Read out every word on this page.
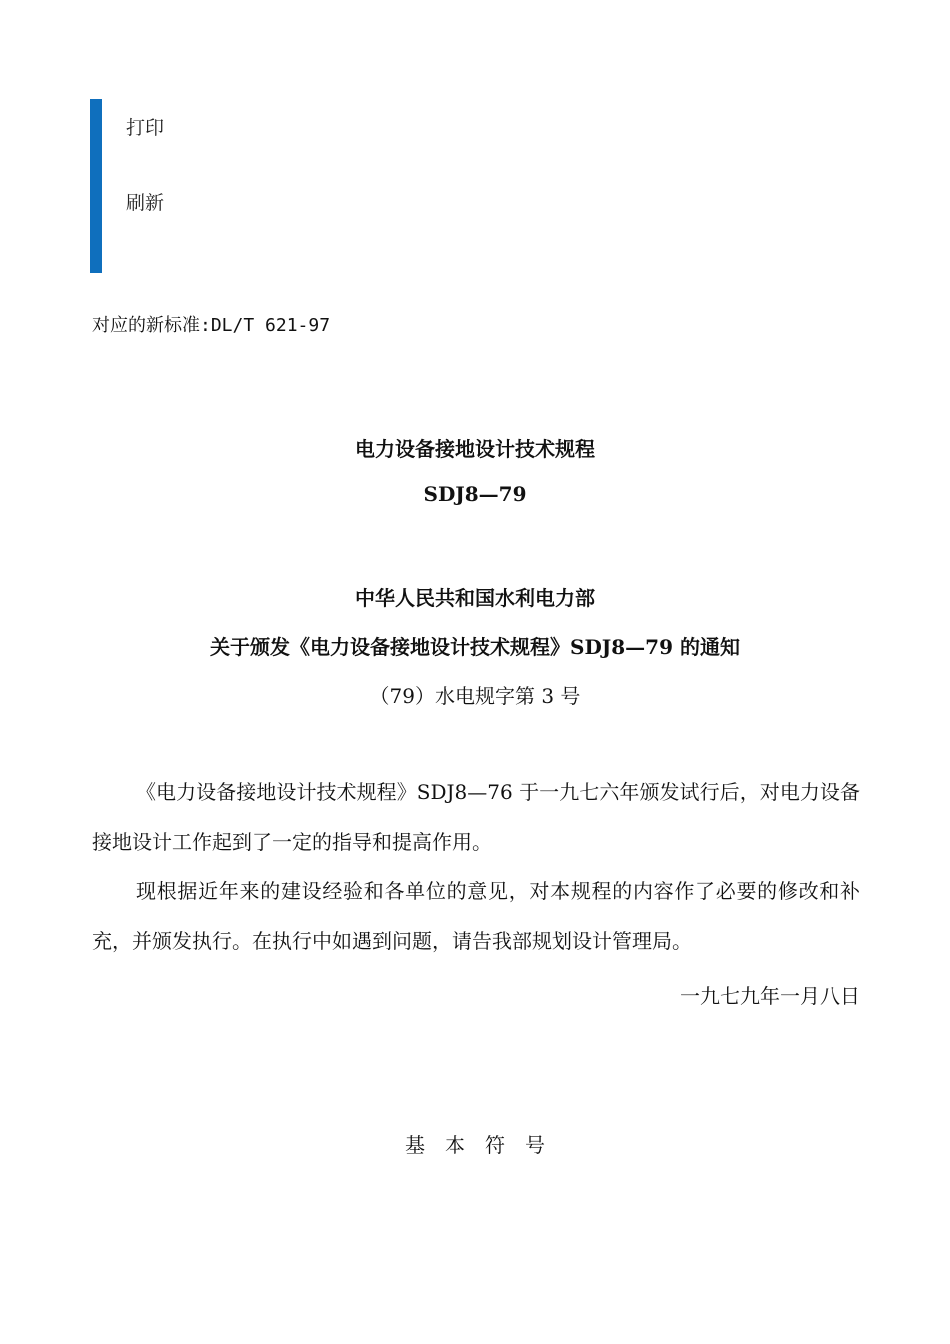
打印
刷新
对应的新标准:DL/T 621-97
电力设备接地设计技术规程
SDJ8—79
中华人民共和国水利电力部
关于颁发《电力设备接地设计技术规程》SDJ8—79 的通知
（79）水电规字第 3 号
《电力设备接地设计技术规程》SDJ8—76 于一九七六年颁发试行后，对电力设备接地设计工作起到了一定的指导和提高作用。
现根据近年来的建设经验和各单位的意见，对本规程的内容作了必要的修改和补充，并颁发执行。在执行中如遇到问题，请告我部规划设计管理局。
一九七九年一月八日
基本符号
